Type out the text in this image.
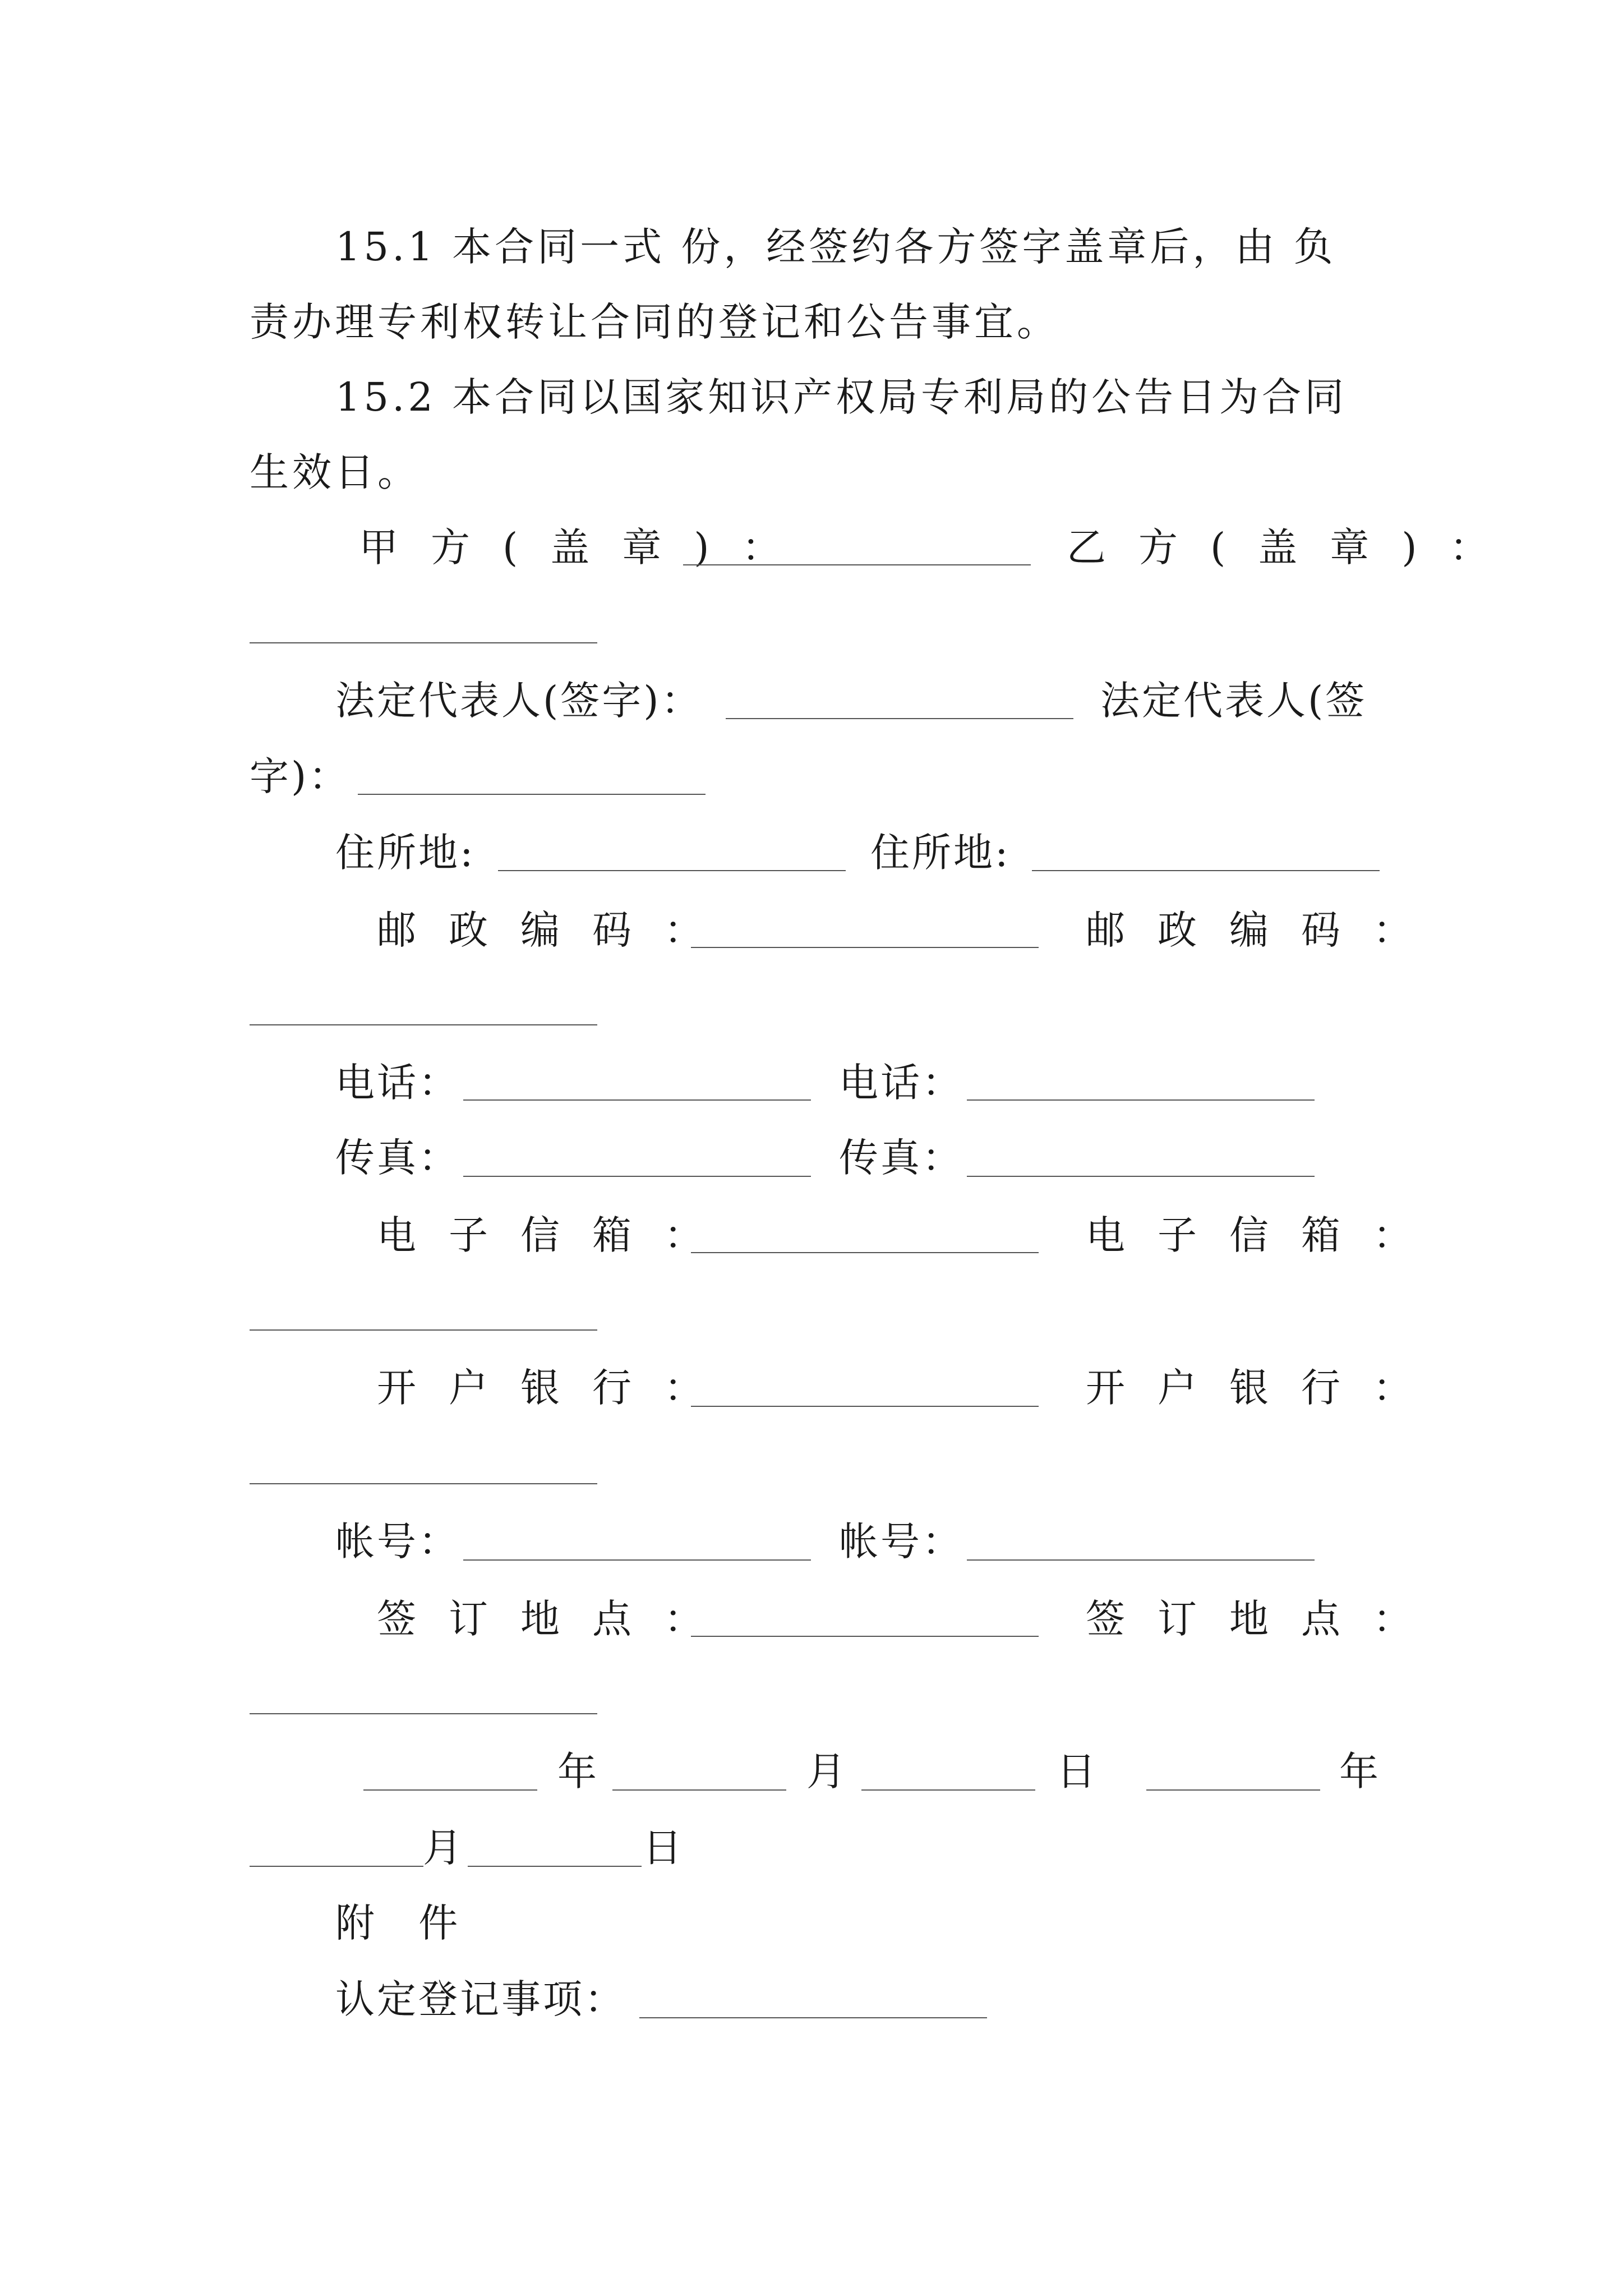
15.1 本合同一式 份，经签约各方签字盖章后，由 负
责办理专利权转让合同的登记和公告事宜。
15.2 本合同以国家知识产权局专利局的公告日为合同
生效日。
甲方(盖章)：	乙方(盖章)：
法定代表人(签字)：	法定代表人(签
字)：
住所地:	住所地:
邮政编码：	邮政编码：
电话：	电话：
传真：	传真：
电子信箱：	电子信箱：
开户银行：	开户银行：
帐号：	帐号：
签订地点：	签订地点：
年	月	日	年
月	日
附 件
认定登记事项：
